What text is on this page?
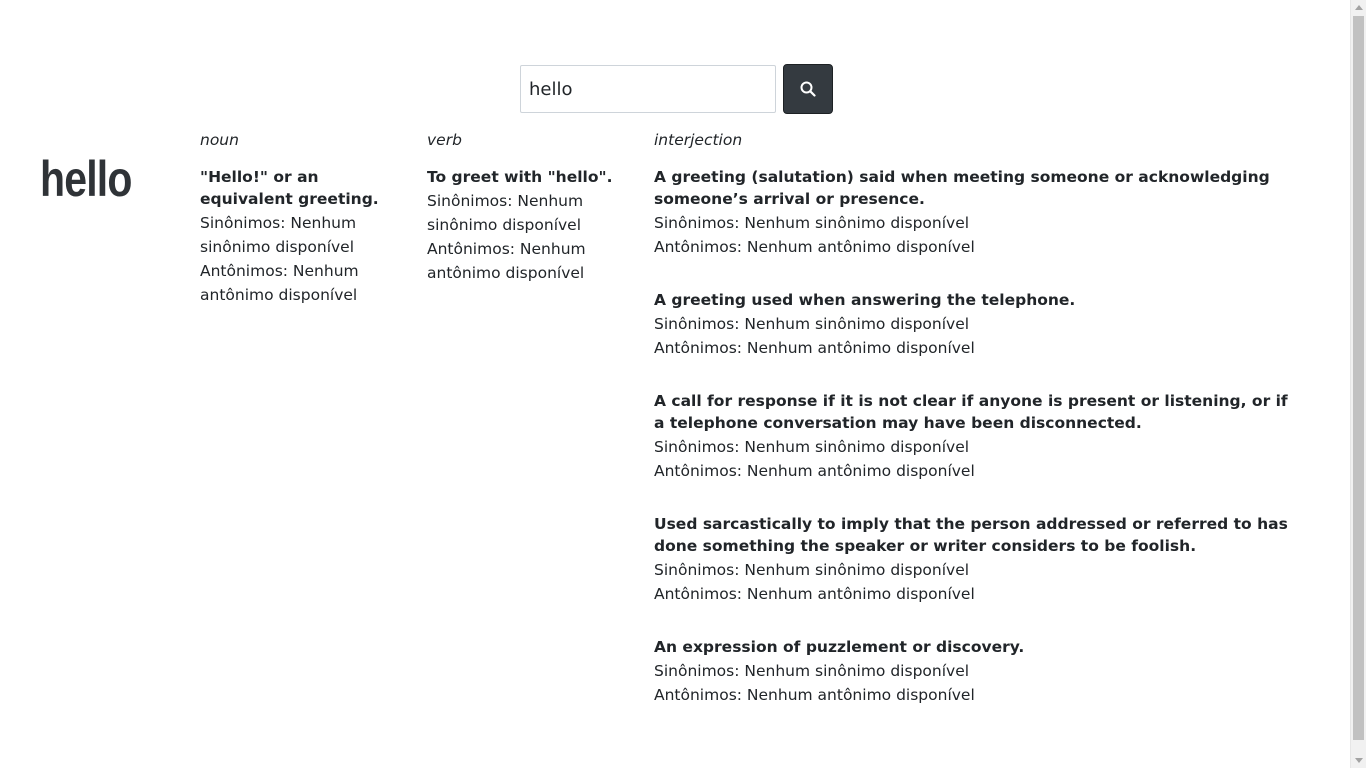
hello
hello
noun
"Hello!" or an equivalent greeting.
Sinônimos: Nenhum sinônimo disponível
Antônimos: Nenhum antônimo disponível
verb
To greet with "hello".
Sinônimos: Nenhum sinônimo disponível
Antônimos: Nenhum antônimo disponível
interjection
A greeting (salutation) said when meeting someone or acknowledging someone’s arrival or presence.
Sinônimos: Nenhum sinônimo disponível
Antônimos: Nenhum antônimo disponível
A greeting used when answering the telephone.
Sinônimos: Nenhum sinônimo disponível
Antônimos: Nenhum antônimo disponível
A call for response if it is not clear if anyone is present or listening, or if a telephone conversation may have been disconnected.
Sinônimos: Nenhum sinônimo disponível
Antônimos: Nenhum antônimo disponível
Used sarcastically to imply that the person addressed or referred to has done something the speaker or writer considers to be foolish.
Sinônimos: Nenhum sinônimo disponível
Antônimos: Nenhum antônimo disponível
An expression of puzzlement or discovery.
Sinônimos: Nenhum sinônimo disponível
Antônimos: Nenhum antônimo disponível
